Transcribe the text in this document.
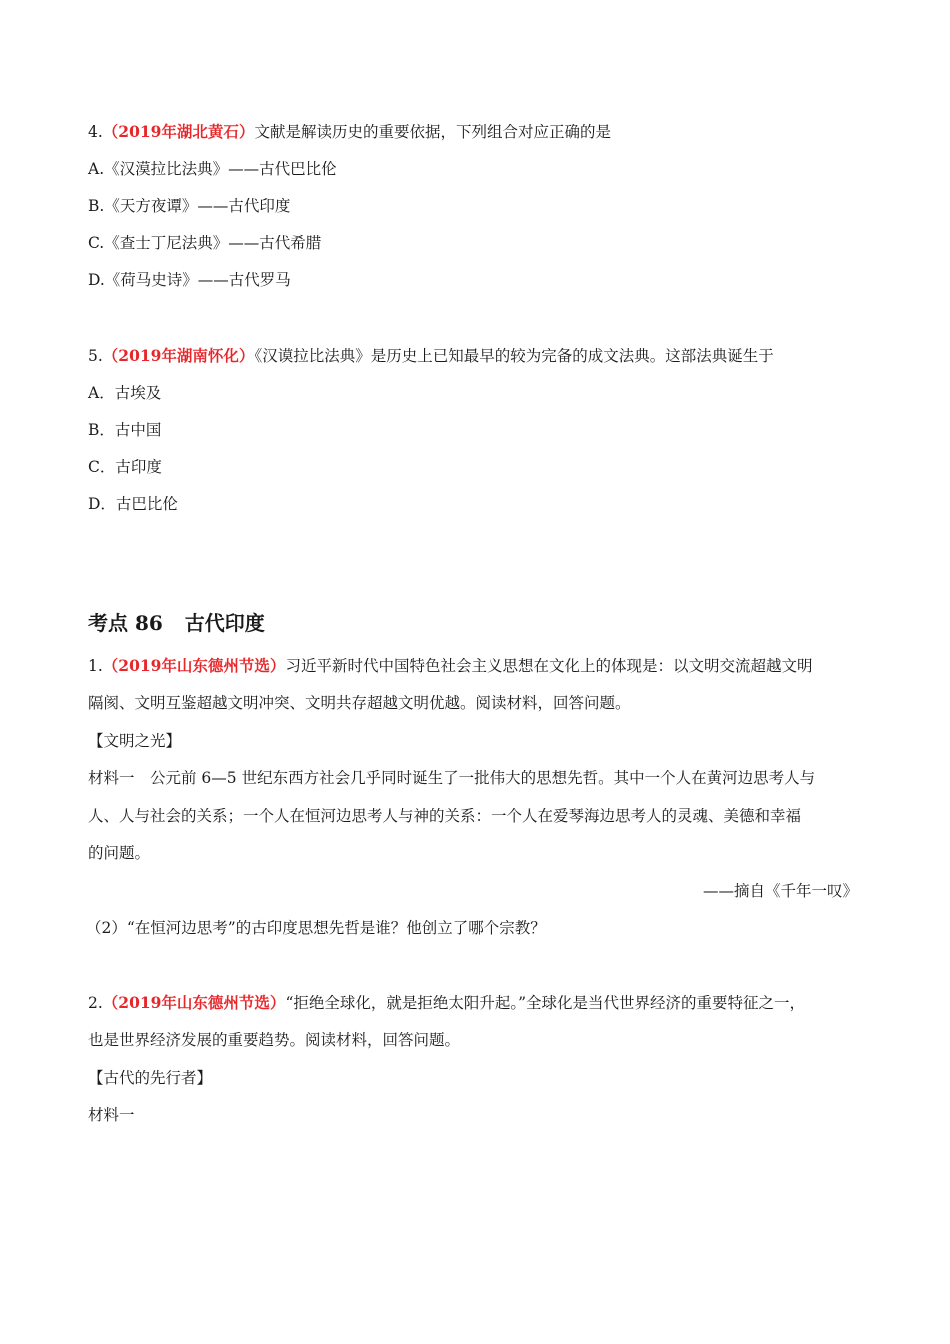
4.（2019年湖北黄石）文献是解读历史的重要依据，下列组合对应正确的是
A.《汉漠拉比法典》——古代巴比伦
B.《天方夜谭》——古代印度
C.《查士丁尼法典》——古代希腊
D.《荷马史诗》——古代罗马
5.（2019年湖南怀化）《汉谟拉比法典》是历史上已知最早的较为完备的成文法典。这部法典诞生于
A．古埃及
B．古中国
C．古印度
D．古巴比伦
考点 86 古代印度
1.（2019年山东德州节选）习近平新时代中国特色社会主义思想在文化上的体现是：以文明交流超越文明
隔阂、文明互鉴超越文明冲突、文明共存超越文明优越。阅读材料，回答问题。
【文明之光】
材料一　公元前 6—5 世纪东西方社会几乎同时诞生了一批伟大的思想先哲。其中一个人在黄河边思考人与
人、人与社会的关系；一个人在恒河边思考人与神的关系：一个人在爱琴海边思考人的灵魂、美德和幸福
的问题。
——摘自《千年一叹》
（2）“在恒河边思考”的古印度思想先哲是谁？他创立了哪个宗教？
2.（2019年山东德州节选）“拒绝全球化，就是拒绝太阳升起。”全球化是当代世界经济的重要特征之一，
也是世界经济发展的重要趋势。阅读材料，回答问题。
【古代的先行者】
材料一
